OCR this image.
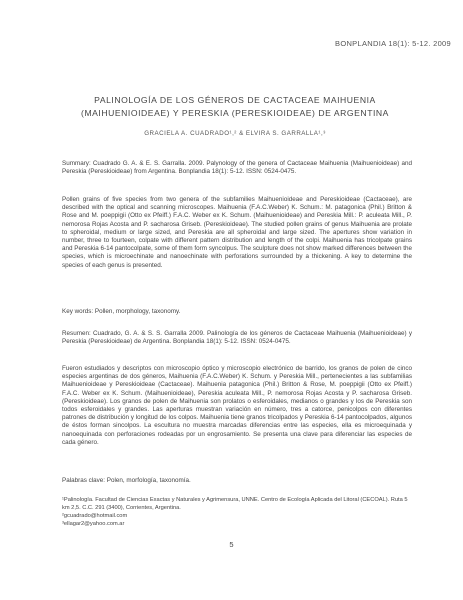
BONPLANDIA 18(1): 5-12. 2009
PALINOLOGÍA DE LOS GÉNEROS DE CACTACEAE MAIHUENIA
(MAIHUENIOIDEAE) Y PERESKIA (PERESKIOIDEAE) DE ARGENTINA
GRACIELA A. CUADRADO¹,² & ELVIRA S. GARRALLA¹,³

Summary: Cuadrado G. A. & E. S. Garralla. 2009. Palynology of the genera of Cactaceae Maihuenia (Maihuenioideae) and Pereskia (Pereskioideae) from Argentina. Bonplandia 18(1): 5-12. ISSN: 0524-0475.

Pollen grains of five species from two genera of the subfamilies Maihuenioideae and Pereskioideae (Cactaceae), are described with the optical and scanning microscopes. Maihuenia (F.A.C.Weber) K. Schum.: M. patagonica (Phil.) Britton & Rose and M. poeppigii (Otto ex Pfeiff.) F.A.C. Weber ex K. Schum. (Maihuenioideae) and Pereskia Mill.: P. aculeata Mill., P. nemorosa Rojas Acosta and P. sacharosa Griseb. (Pereskioideae). The studied pollen grains of genus Maihuenia are prolate to spheroidal, medium or large sized, and Pereskia are all spheroidal and large sized. The apertures show variation in number, three to fourteen, colpate with different pattern distribution and length of the colpi. Maihuenia has tricolpate grains and Pereskia 6-14 pantocolpate, some of them form syncolpus. The sculpture does not show marked differences between the species, which is microechinate and nanoechinate with perforations surrounded by a thickening. A key to determine the species of each genus is presented.

Key words: Pollen, morphology, taxonomy.

Resumen: Cuadrado, G. A. & S. S. Garralla 2009. Palinología de los géneros de Cactaceae Maihuenia (Maihuenioideae) y Pereskia (Pereskioideae) de Argentina. Bonplandia 18(1): 5-12. ISSN: 0524-0475.

Fueron estudiados y descriptos con microscopio óptico y microscopio electrónico de barrido, los granos de polen de cinco especies argentinas de dos géneros, Maihuenia (F.A.C.Weber) K. Schum. y Pereskia Mill., pertenecientes a las subfamilias Maihuenioideae y Pereskioideae (Cactaceae). Maihuenia patagonica (Phil.) Britton & Rose, M. poeppigii (Otto ex Pfeiff.) F.A.C. Weber ex K. Schum. (Maihuenioideae), Pereskia aculeata Mill., P. nemorosa Rojas Acosta y P. sacharosa Griseb. (Pereskioideae). Los granos de polen de Maihuenia son prolatos o esferoidales, medianos o grandes y los de Pereskia son todos esferoidales y grandes. Las aperturas muestran variación en número, tres a catorce, penicolpos con diferentes patrones de distribución y longitud de los colpos. Maihuenia tiene granos tricolpados y Pereskia 6-14 pantocolpados, algunos de éstos forman sincolpos. La escultura no muestra marcadas diferencias entre las especies, ella es microequinada y nanoequinada con perforaciones rodeadas por un engrosamiento. Se presenta una clave para diferenciar las especies de cada género.

Palabras clave: Polen, morfología, taxonomía.

¹Palinología. Facultad de Ciencias Exactas y Naturales y Agrimensura, UNNE. Centro de Ecología Aplicada del Litoral (CECOAL). Ruta 5 km 2,5. C.C. 291 (3400), Corrientes, Argentina.

²gcuadrado@hotmail.com

³ellagar2@yahoo.com.ar

5
